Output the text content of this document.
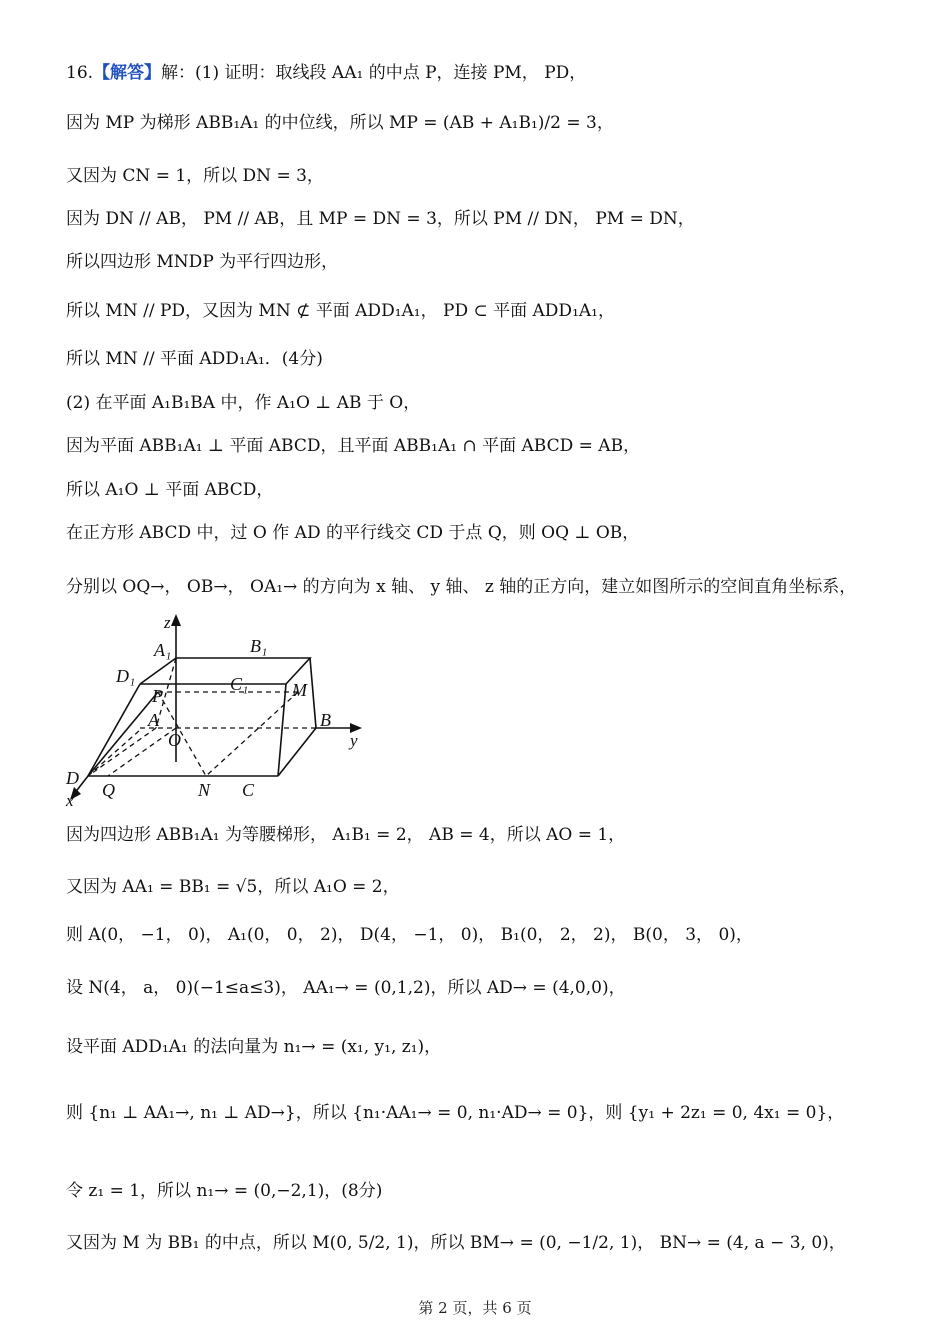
16.【解答】解：(1) 证明：取线段 AA₁ 的中点 P，连接 PM， PD，
因为 MP 为梯形 ABB₁A₁ 的中位线，所以 MP = (AB + A₁B₁)/2 = 3，
又因为 CN = 1，所以 DN = 3，
因为 DN // AB， PM // AB，且 MP = DN = 3，所以 PM // DN， PM = DN，
所以四边形 MNDP 为平行四边形，
所以 MN // PD，又因为 MN ⊄ 平面 ADD₁A₁， PD ⊂ 平面 ADD₁A₁，
所以 MN // 平面 ADD₁A₁．(4分)
(2) 在平面 A₁B₁BA 中，作 A₁O ⊥ AB 于 O，
因为平面 ABB₁A₁ ⊥ 平面 ABCD，且平面 ABB₁A₁ ∩ 平面 ABCD = AB，
所以 A₁O ⊥ 平面 ABCD，
在正方形 ABCD 中，过 O 作 AD 的平行线交 CD 于点 Q，则 OQ ⊥ OB，
分别以 OQ→， OB→， OA₁→ 的方向为 x 轴、 y 轴、 z 轴的正方向，建立如图所示的空间直角坐标系，
z
A₁	B₁
D₁	C₁
P	M
A
O
B
y
D
Q	N C
x
因为四边形 ABB₁A₁ 为等腰梯形， A₁B₁ = 2， AB = 4，所以 AO = 1，
又因为 AA₁ = BB₁ = √5，所以 A₁O = 2，
则 A(0， −1， 0)， A₁(0， 0， 2)， D(4， −1， 0)， B₁(0， 2， 2)， B(0， 3， 0)，
设 N(4， a， 0)(−1≤a≤3)， AA₁→ = (0,1,2)，所以 AD→ = (4,0,0)，
设平面 ADD₁A₁ 的法向量为 n₁→ = (x₁, y₁, z₁)，
则 {n₁ ⊥ AA₁→, n₁ ⊥ AD→}，所以 {n₁·AA₁→ = 0, n₁·AD→ = 0}，则 {y₁ + 2z₁ = 0, 4x₁ = 0}，
令 z₁ = 1，所以 n₁→ = (0,−2,1)，(8分)
又因为 M 为 BB₁ 的中点，所以 M(0, 5/2, 1)，所以 BM→ = (0, −1/2, 1)， BN→ = (4, a − 3, 0)，
第 2 页，共 6 页
